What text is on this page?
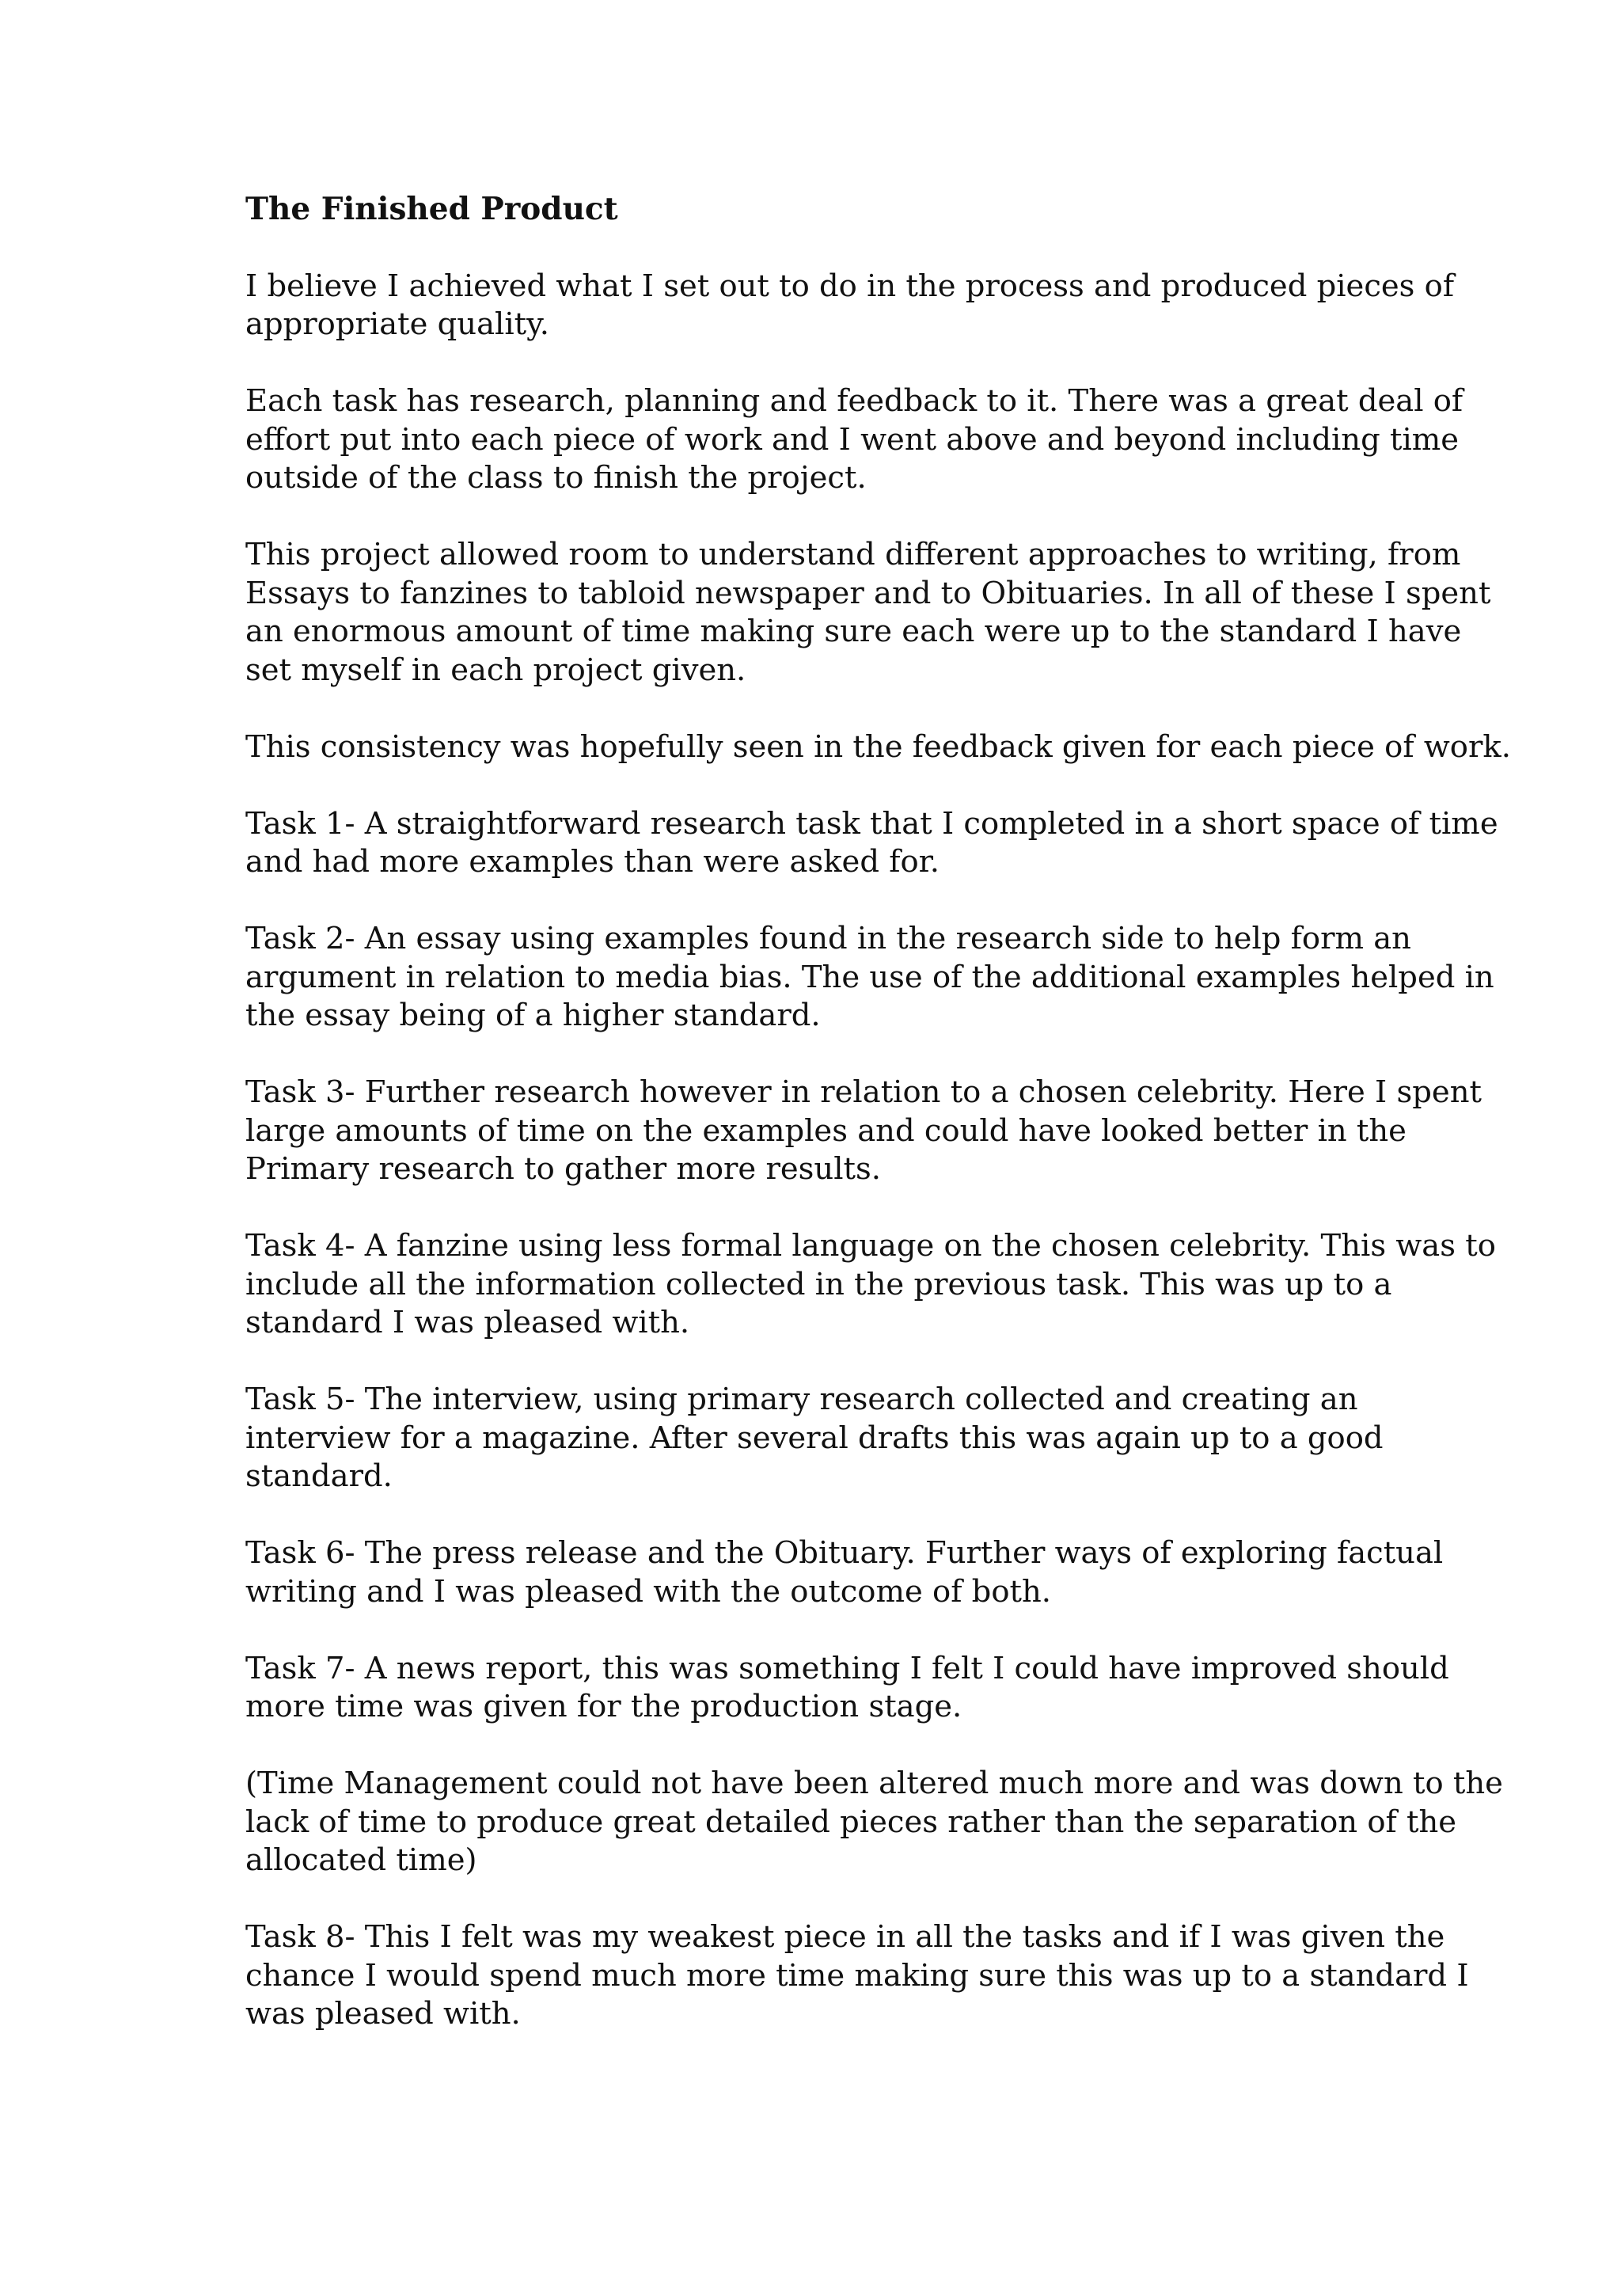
The Finished Product
I believe I achieved what I set out to do in the process and produced pieces of
appropriate quality.
Each task has research, planning and feedback to it. There was a great deal of
effort put into each piece of work and I went above and beyond including time
outside of the class to finish the project.
This project allowed room to understand different approaches to writing, from
Essays to fanzines to tabloid newspaper and to Obituaries. In all of these I spent
an enormous amount of time making sure each were up to the standard I have
set myself in each project given.
This consistency was hopefully seen in the feedback given for each piece of work.
Task 1- A straightforward research task that I completed in a short space of time
and had more examples than were asked for.
Task 2- An essay using examples found in the research side to help form an
argument in relation to media bias. The use of the additional examples helped in
the essay being of a higher standard.
Task 3- Further research however in relation to a chosen celebrity. Here I spent
large amounts of time on the examples and could have looked better in the
Primary research to gather more results.
Task 4- A fanzine using less formal language on the chosen celebrity. This was to
include all the information collected in the previous task. This was up to a
standard I was pleased with.
Task 5- The interview, using primary research collected and creating an
interview for a magazine. After several drafts this was again up to a good
standard.
Task 6- The press release and the Obituary. Further ways of exploring factual
writing and I was pleased with the outcome of both.
Task 7- A news report, this was something I felt I could have improved should
more time was given for the production stage.
(Time Management could not have been altered much more and was down to the
lack of time to produce great detailed pieces rather than the separation of the
allocated time)
Task 8- This I felt was my weakest piece in all the tasks and if I was given the
chance I would spend much more time making sure this was up to a standard I
was pleased with.
